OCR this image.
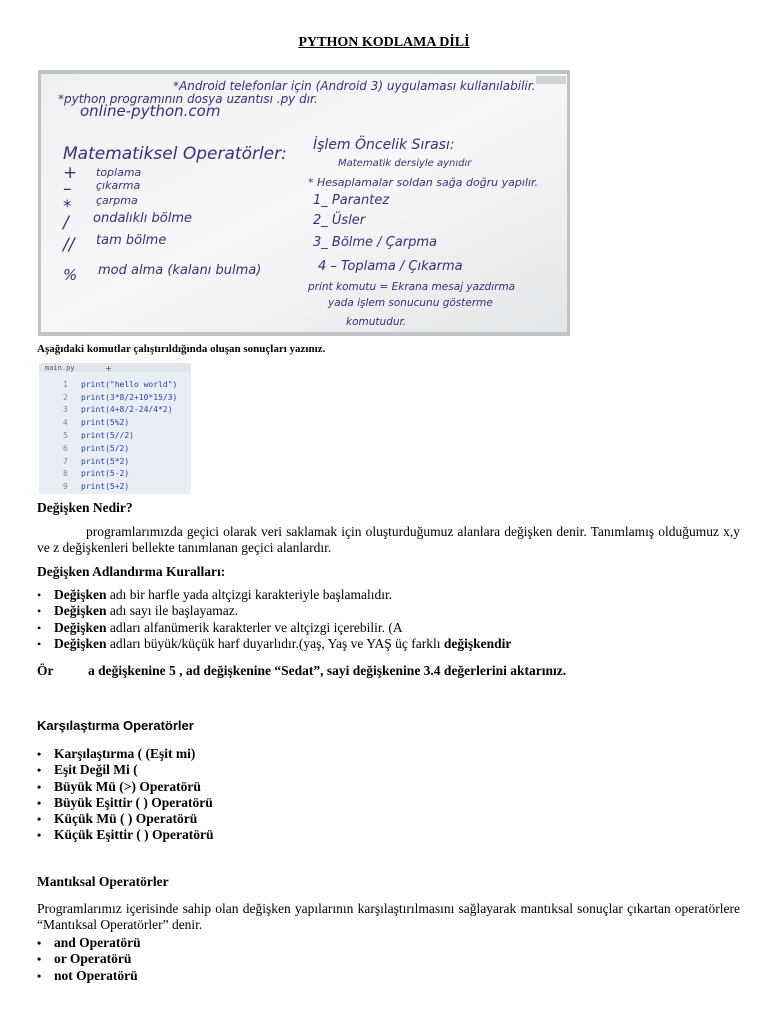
PYTHON KODLAMA DİLİ
*Android telefonlar için (Android 3) uygulaması kullanılabilir.
*python programının dosya uzantısı .py dır.
online-python.com
Matematiksel Operatörler:
+ toplama
– çıkarma
* çarpma
/ ondalıklı bölme
// tam bölme
% mod alma (kalanı bulma)
İşlem Öncelik Sırası:
Matematik dersiyle aynıdır
* Hesaplamalar soldan sağa doğru yapılır.
1_ Parantez
2_ Üsler
3_ Bölme / Çarpma
4 – Toplama / Çıkarma
print komutu = Ekrana mesaj yazdırma
yada işlem sonucunu gösterme
komutudur.
Aşağıdaki komutlar çalıştırıldığında oluşan sonuçları yazınız.
main.py	+
1 print("hello world")
2 print(3*8/2+10*15/3)
3 print(4+8/2-24/4*2)
4 print(5%2)
5 print(5//2)
6 print(5/2)
7 print(5*2)
8 print(5-2)
9 print(5+2)
Değişken Nedir?
programlarımızda geçici olarak veri saklamak için oluşturduğumuz alanlara değişken denir. Tanımlamış olduğumuz x,y ve z değişkenleri bellekte tanımlanan geçici alanlardır.
Değişken Adlandırma Kuralları:
• Değişken adı bir harfle yada altçizgi karakteriyle başlamalıdır.
• Değişken adı sayı ile başlayamaz.
• Değişken adları alfanümerik karakterler ve altçizgi içerebilir. (A
• Değişken adları büyük/küçük harf duyarlıdır.(yaş, Yaş ve YAŞ üç farklı değişkendir
Ör	a değişkenine 5 , ad değişkenine “Sedat”, sayi değişkenine 3.4 değerlerini aktarınız.
Karşılaştırma Operatörler
• Karşılaştırma ( (Eşit mi)
• Eşit Değil Mi (
• Büyük Mü (>) Operatörü
• Büyük Eşittir ( ) Operatörü
• Küçük Mü ( ) Operatörü
• Küçük Eşittir ( ) Operatörü
Mantıksal Operatörler
Programlarımız içerisinde sahip olan değişken yapılarının karşılaştırılmasını sağlayarak mantıksal sonuçlar çıkartan operatörlere “Mantıksal Operatörler” denir.
• and Operatörü
• or Operatörü
• not Operatörü
